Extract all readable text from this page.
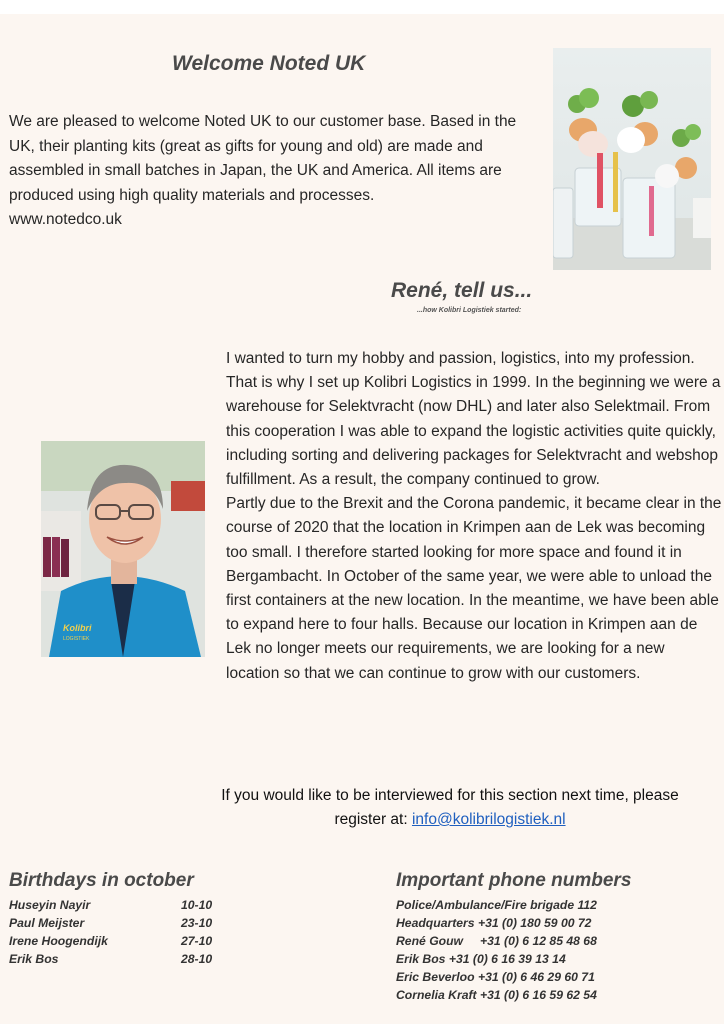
Welcome Noted UK
We are pleased to welcome Noted UK to our customer base. Based in the UK, their planting kits (great as gifts for young and old) are made and assembled in small batches in Japan, the UK and America. All items are produced using high quality materials and processes.
www.notedco.uk
René, tell us...
...how Kolibri Logistiek started:
Kolibri
LOGISTIEK

I wanted to turn my hobby and passion, logistics, into my profession. That is why I set up Kolibri Logistics in 1999. In the beginning we were a warehouse for Selektvracht (now DHL) and later also Selektmail. From this cooperation I was able to expand the logistic activities quite quickly, including sorting and delivering packages for Selektvracht and webshop fulfillment. As a result, the company continued to grow.

Partly due to the Brexit and the Corona pandemic, it became clear in the course of 2020 that the location in Krimpen aan de Lek was becoming too small. I therefore started looking for more space and found it in Bergambacht. In October of the same year, we were able to unload the first containers at the new location. In the meantime, we have been able to expand here to four halls. Because our location in Krimpen aan de Lek no longer meets our requirements, we are looking for a new location so that we can continue to grow with our customers.

If you would like to be interviewed for this section next time, please register at: info@kolibrilogistiek.nl
Birthdays in october
Huseyin Nayir	10-10
Paul Meijster	23-10
Irene Hoogendijk	27-10
Erik Bos	28-10
Important phone numbers
Police/Ambulance/Fire brigade 112
Headquarters +31 (0) 180 59 00 72
René Gouw     +31 (0) 6 12 85 48 68
Erik Bos +31 (0) 6 16 39 13 14
Eric Beverloo +31 (0) 6 46 29 60 71
Cornelia Kraft +31 (0) 6 16 59 62 54
